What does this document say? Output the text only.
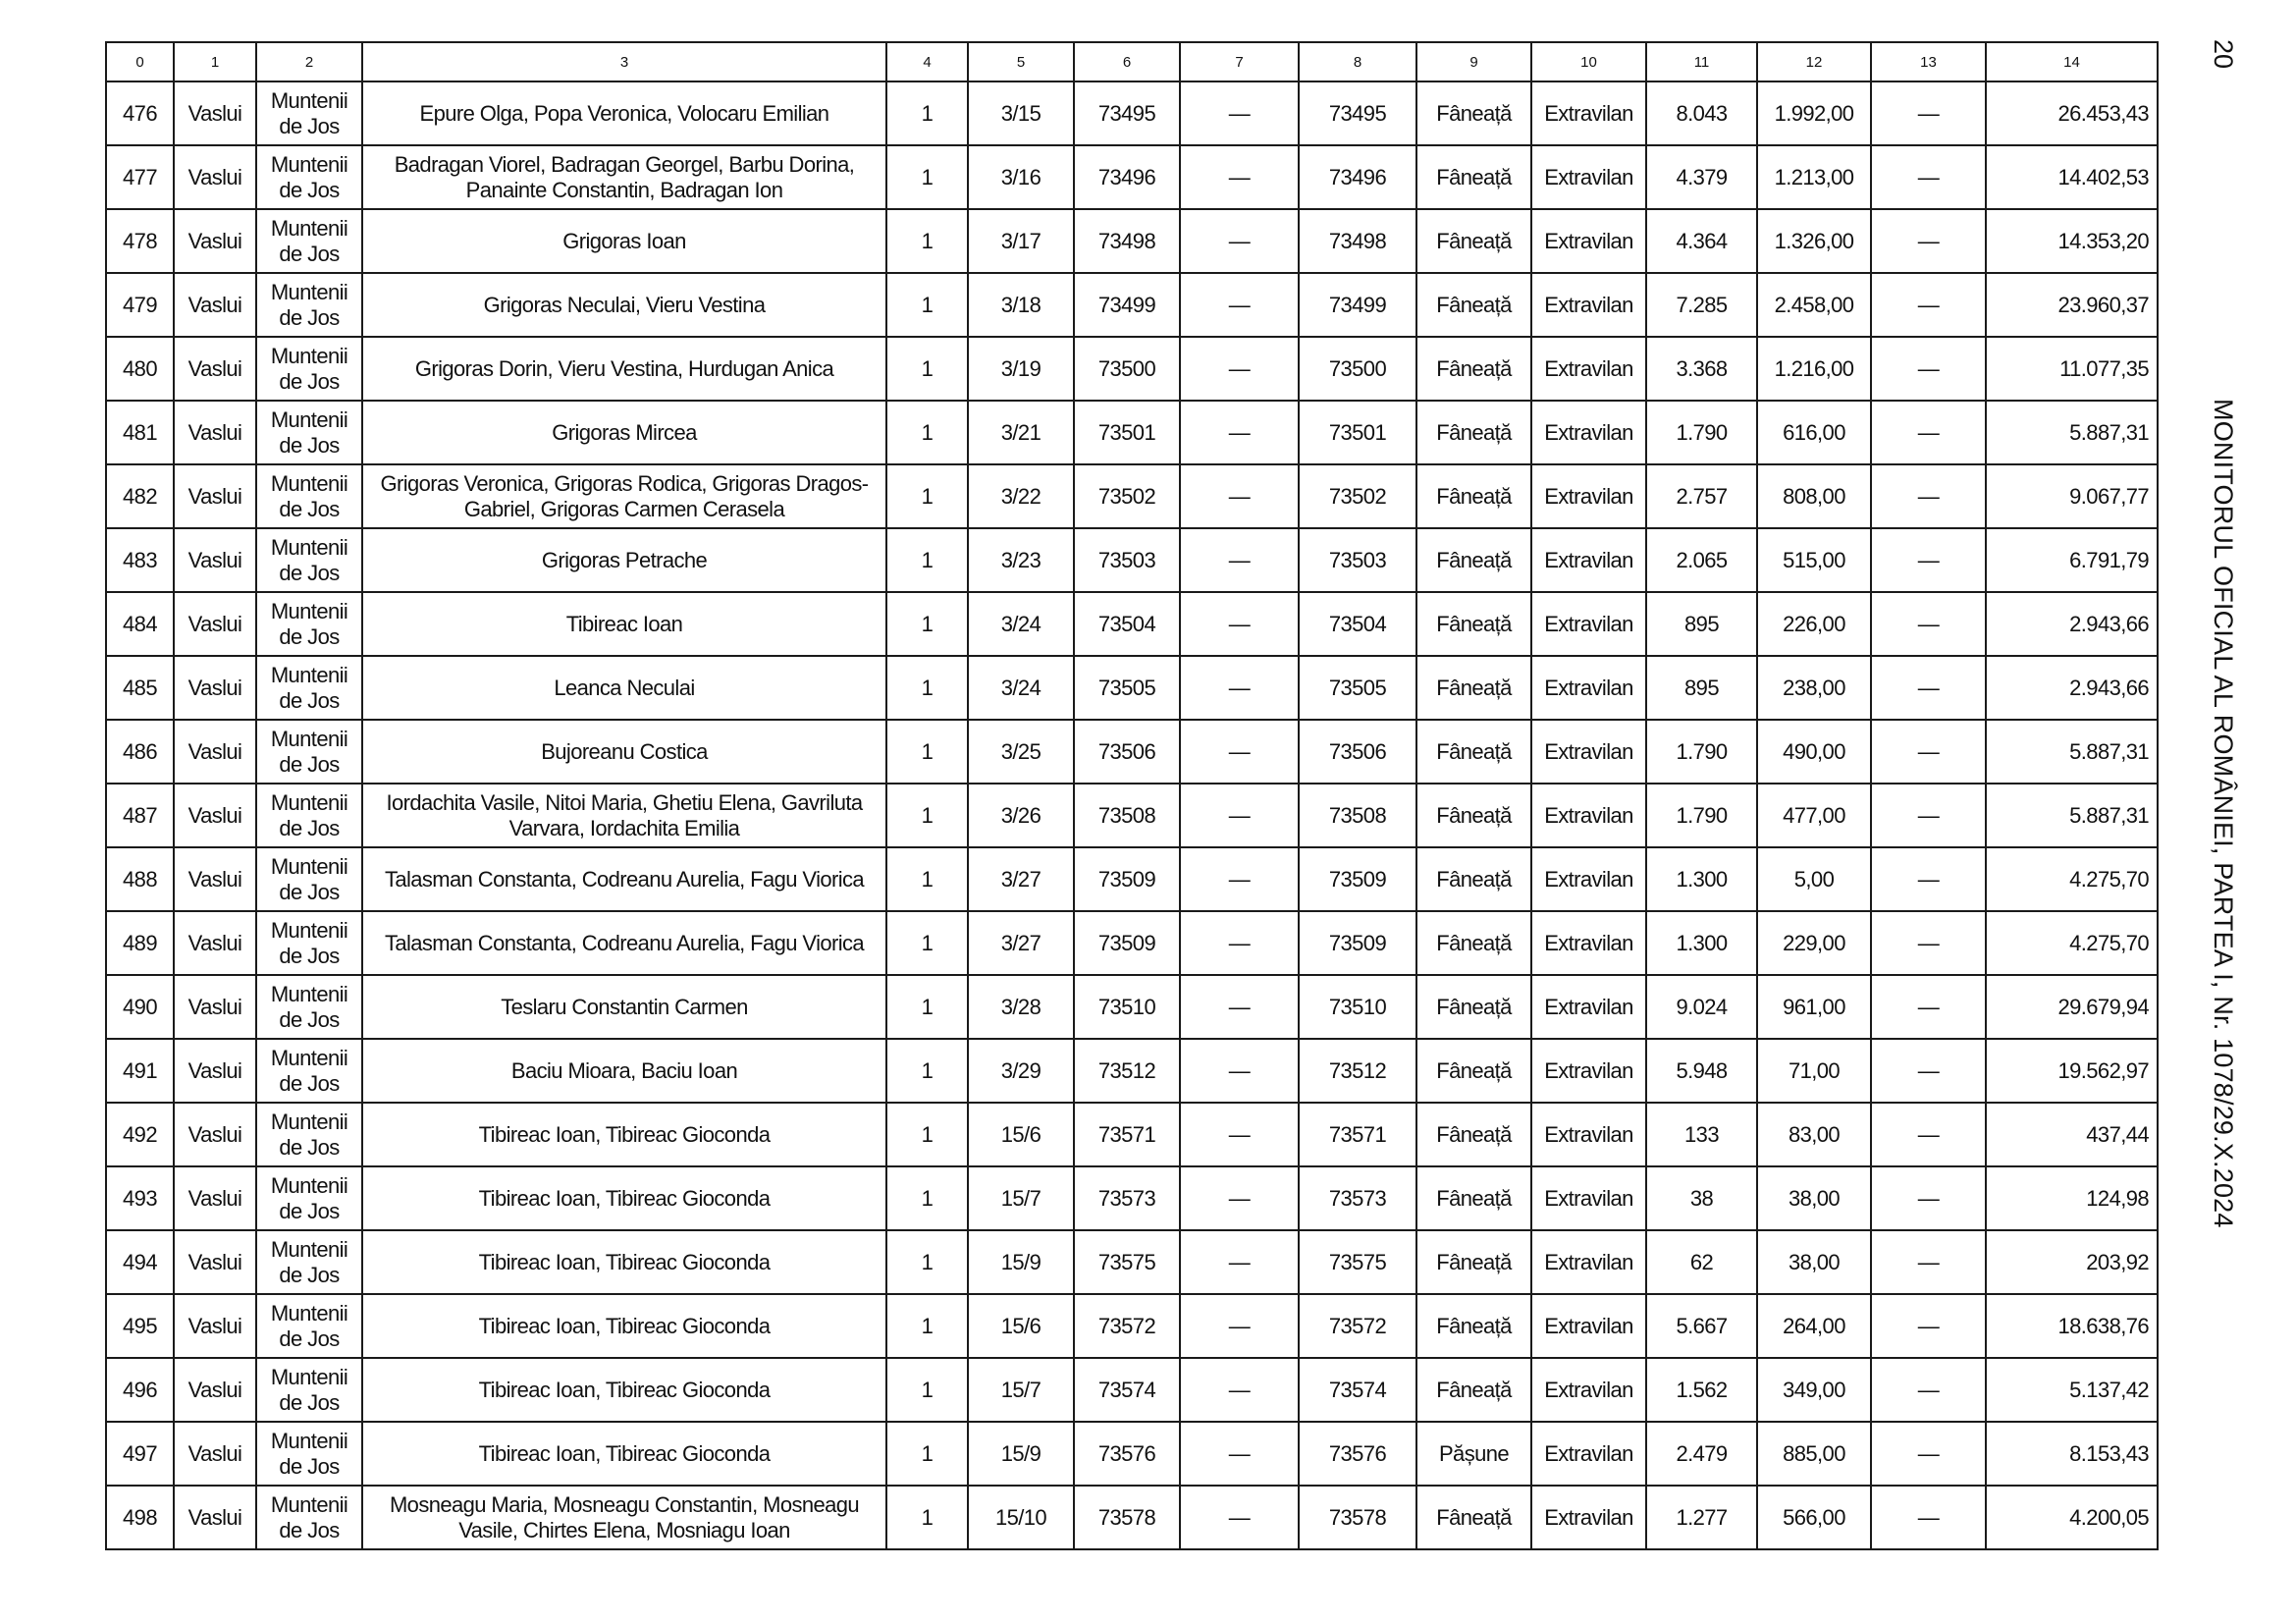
0	1	2	3	4	5	6	7	8	9	10	11	12	13	14
476	Vaslui	Muntenii de Jos	Epure Olga, Popa Veronica, Volocaru Emilian	1	3/15	73495	—	73495	Fâneață	Extravilan	8.043	1.992,00	—	26.453,43
477	Vaslui	Muntenii de Jos	Badragan Viorel, Badragan Georgel, Barbu Dorina, Panainte Constantin, Badragan Ion	1	3/16	73496	—	73496	Fâneață	Extravilan	4.379	1.213,00	—	14.402,53
478	Vaslui	Muntenii de Jos	Grigoras Ioan	1	3/17	73498	—	73498	Fâneață	Extravilan	4.364	1.326,00	—	14.353,20
479	Vaslui	Muntenii de Jos	Grigoras Neculai, Vieru Vestina	1	3/18	73499	—	73499	Fâneață	Extravilan	7.285	2.458,00	—	23.960,37
480	Vaslui	Muntenii de Jos	Grigoras Dorin, Vieru Vestina, Hurdugan Anica	1	3/19	73500	—	73500	Fâneață	Extravilan	3.368	1.216,00	—	11.077,35
481	Vaslui	Muntenii de Jos	Grigoras Mircea	1	3/21	73501	—	73501	Fâneață	Extravilan	1.790	616,00	—	5.887,31
482	Vaslui	Muntenii de Jos	Grigoras Veronica, Grigoras Rodica, Grigoras Dragos-Gabriel, Grigoras Carmen Cerasela	1	3/22	73502	—	73502	Fâneață	Extravilan	2.757	808,00	—	9.067,77
483	Vaslui	Muntenii de Jos	Grigoras Petrache	1	3/23	73503	—	73503	Fâneață	Extravilan	2.065	515,00	—	6.791,79
484	Vaslui	Muntenii de Jos	Tibireac Ioan	1	3/24	73504	—	73504	Fâneață	Extravilan	895	226,00	—	2.943,66
485	Vaslui	Muntenii de Jos	Leanca Neculai	1	3/24	73505	—	73505	Fâneață	Extravilan	895	238,00	—	2.943,66
486	Vaslui	Muntenii de Jos	Bujoreanu Costica	1	3/25	73506	—	73506	Fâneață	Extravilan	1.790	490,00	—	5.887,31
487	Vaslui	Muntenii de Jos	Iordachita Vasile, Nitoi Maria, Ghetiu Elena, Gavriluta Varvara, Iordachita Emilia	1	3/26	73508	—	73508	Fâneață	Extravilan	1.790	477,00	—	5.887,31
488	Vaslui	Muntenii de Jos	Talasman Constanta, Codreanu Aurelia, Fagu Viorica	1	3/27	73509	—	73509	Fâneață	Extravilan	1.300	5,00	—	4.275,70
489	Vaslui	Muntenii de Jos	Talasman Constanta, Codreanu Aurelia, Fagu Viorica	1	3/27	73509	—	73509	Fâneață	Extravilan	1.300	229,00	—	4.275,70
490	Vaslui	Muntenii de Jos	Teslaru Constantin Carmen	1	3/28	73510	—	73510	Fâneață	Extravilan	9.024	961,00	—	29.679,94
491	Vaslui	Muntenii de Jos	Baciu Mioara, Baciu Ioan	1	3/29	73512	—	73512	Fâneață	Extravilan	5.948	71,00	—	19.562,97
492	Vaslui	Muntenii de Jos	Tibireac Ioan, Tibireac Gioconda	1	15/6	73571	—	73571	Fâneață	Extravilan	133	83,00	—	437,44
493	Vaslui	Muntenii de Jos	Tibireac Ioan, Tibireac Gioconda	1	15/7	73573	—	73573	Fâneață	Extravilan	38	38,00	—	124,98
494	Vaslui	Muntenii de Jos	Tibireac Ioan, Tibireac Gioconda	1	15/9	73575	—	73575	Fâneață	Extravilan	62	38,00	—	203,92
495	Vaslui	Muntenii de Jos	Tibireac Ioan, Tibireac Gioconda	1	15/6	73572	—	73572	Fâneață	Extravilan	5.667	264,00	—	18.638,76
496	Vaslui	Muntenii de Jos	Tibireac Ioan, Tibireac Gioconda	1	15/7	73574	—	73574	Fâneață	Extravilan	1.562	349,00	—	5.137,42
497	Vaslui	Muntenii de Jos	Tibireac Ioan, Tibireac Gioconda	1	15/9	73576	—	73576	Pășune	Extravilan	2.479	885,00	—	8.153,43
498	Vaslui	Muntenii de Jos	Mosneagu Maria, Mosneagu Constantin, Mosneagu Vasile, Chirtes Elena, Mosniagu Ioan	1	15/10	73578	—	73578	Fâneață	Extravilan	1.277	566,00	—	4.200,05
20
MONITORUL OFICIAL AL ROMÂNIEI, PARTEA I, Nr. 1078/29.X.2024
